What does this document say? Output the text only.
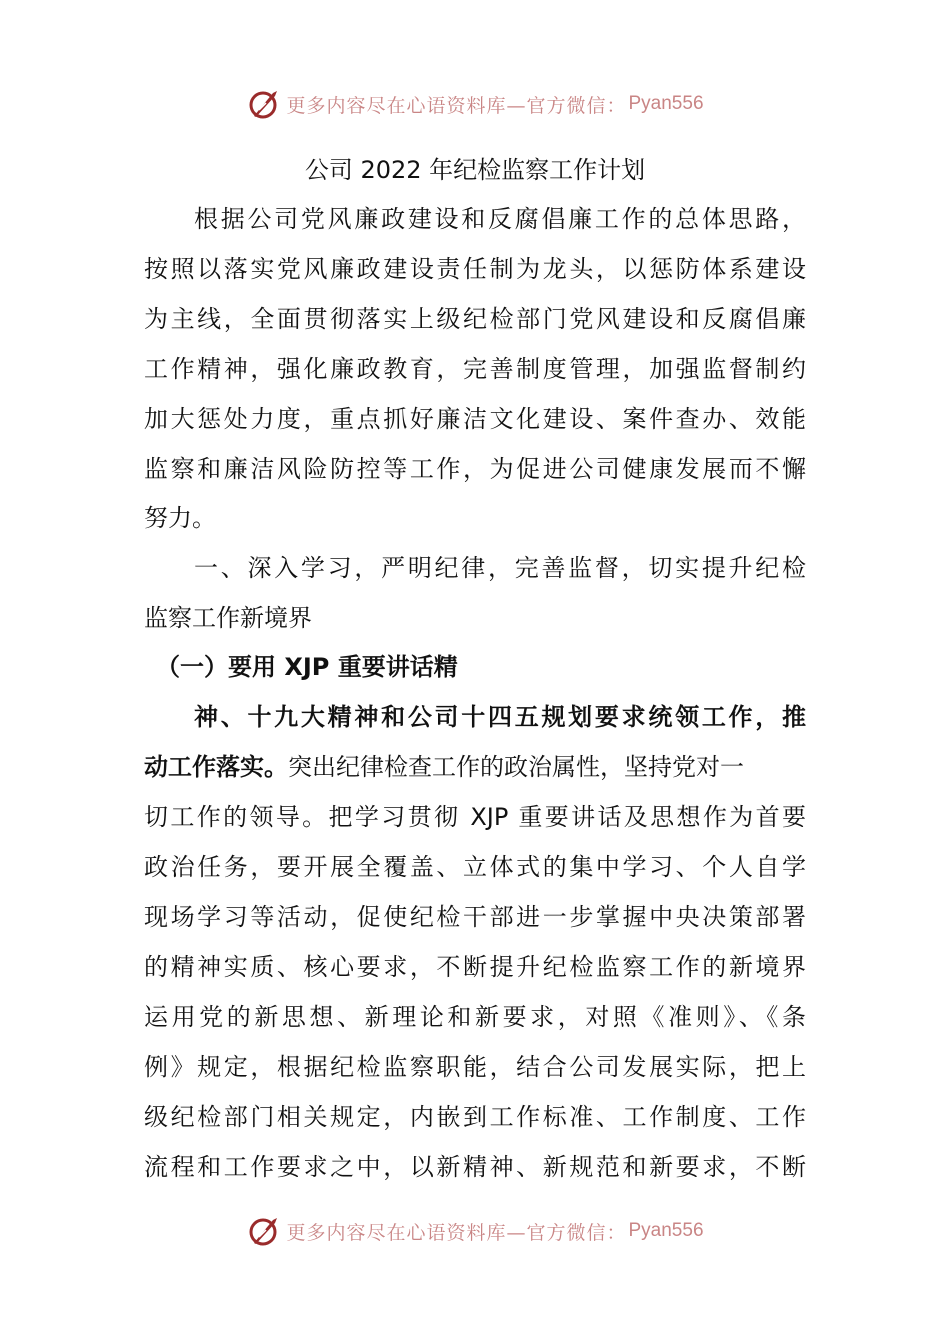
更多内容尽在心语资料库—官方微信： Pyan556
公司 2022 年纪检监察工作计划
根据公司党风廉政建设和反腐倡廉工作的总体思路，
按照以落实党风廉政建设责任制为龙头，以惩防体系建设
为主线，全面贯彻落实上级纪检部门党风建设和反腐倡廉
工作精神，强化廉政教育，完善制度管理，加强监督制约
加大惩处力度，重点抓好廉洁文化建设、案件查办、效能
监察和廉洁风险防控等工作，为促进公司健康发展而不懈
努力。
一、深入学习，严明纪律，完善监督，切实提升纪检
监察工作新境界
（一）要用 XJP 重要讲话精
神、十九大精神和公司十四五规划要求统领工作，推
动工作落实。突出纪律检查工作的政治属性，坚持党对一
切工作的领导。把学习贯彻 XJP 重要讲话及思想作为首要
政治任务，要开展全覆盖、立体式的集中学习、个人自学
现场学习等活动，促使纪检干部进一步掌握中央决策部署
的精神实质、核心要求，不断提升纪检监察工作的新境界
运用党的新思想、新理论和新要求，对照《准则》、《条
例》规定，根据纪检监察职能，结合公司发展实际，把上
级纪检部门相关规定，内嵌到工作标准、工作制度、工作
流程和工作要求之中，以新精神、新规范和新要求，不断
更多内容尽在心语资料库—官方微信： Pyan556
